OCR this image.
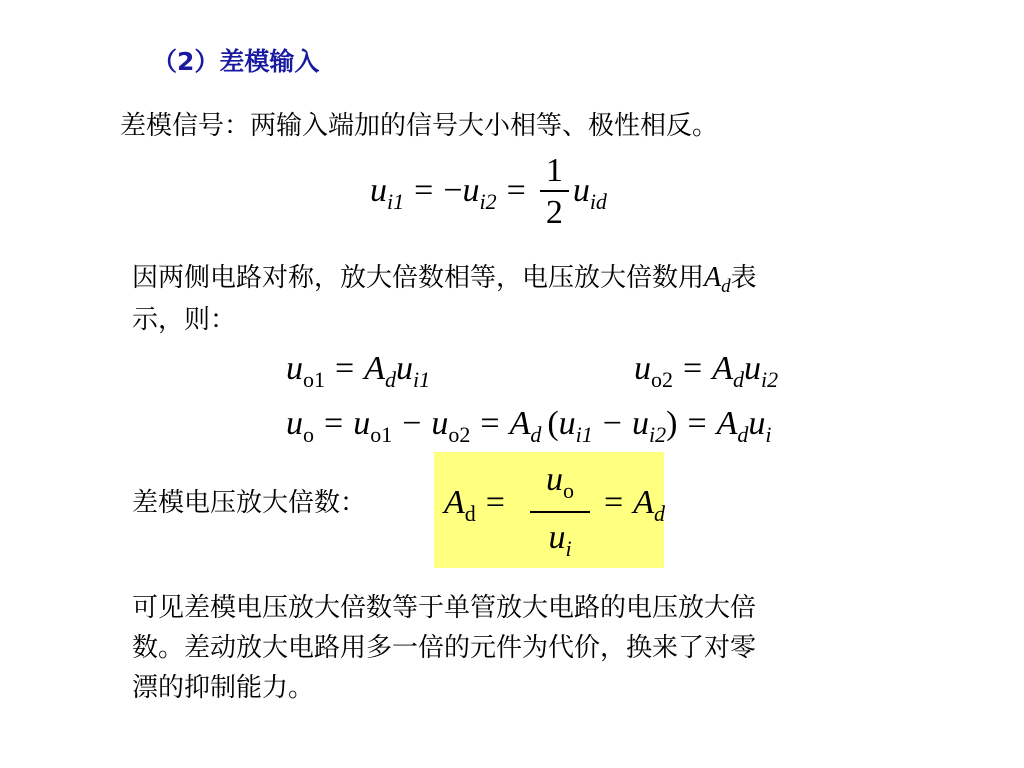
（2）差模输入
差模信号：两输入端加的信号大小相等、极性相反。
$u_{i1} = -u_{i2} = \frac{1}{2} u_{id}$
因两侧电路对称，放大倍数相等，电压放大倍数用$A_d$表
示，则：
$u_{o1} = A_du_{i1}$	$u_{o2} = A_du_{i2}$
$u_o = u_{o1} - u_{o2} = A_d$ $(u_{i1} - u_{i2}) = A_du_i$
差模电压放大倍数： $A_d = \frac{u_o}{u_i} = A_d$
可见差模电压放大倍数等于单管放大电路的电压放大倍
数。差动放大电路用多一倍的元件为代价，换来了对零
漂的抑制能力。
